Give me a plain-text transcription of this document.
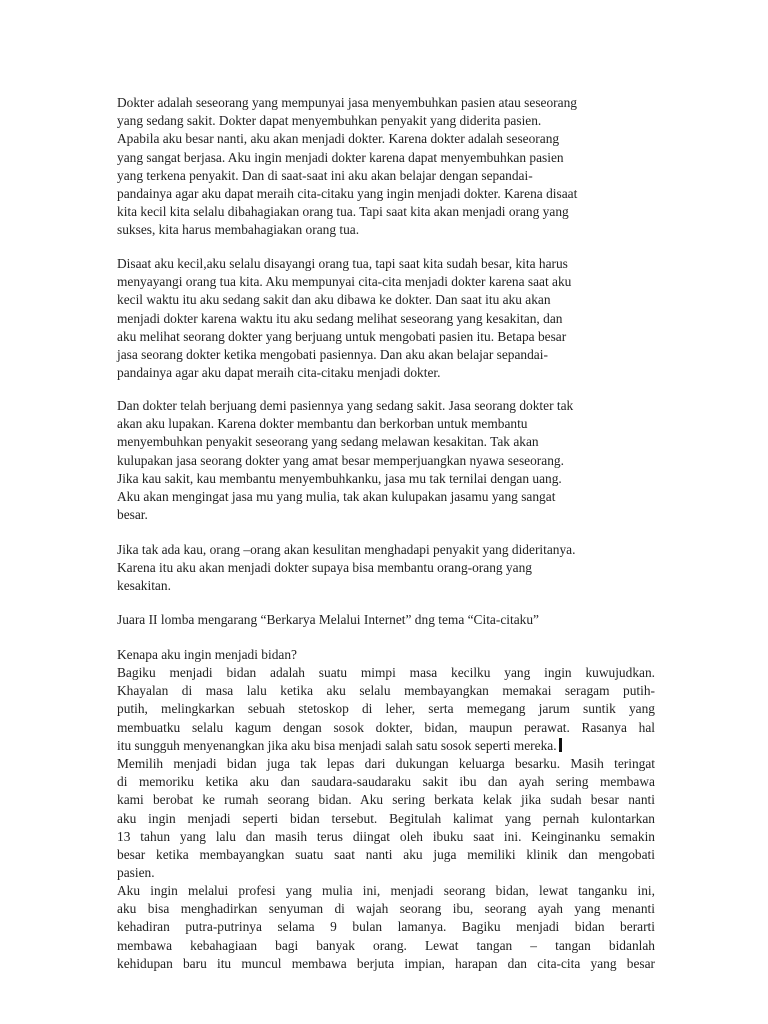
Dokter adalah seseorang yang mempunyai jasa menyembuhkan pasien atau seseorang
yang sedang sakit. Dokter dapat menyembuhkan penyakit yang diderita pasien.
Apabila aku besar nanti, aku akan menjadi dokter. Karena dokter adalah seseorang
yang sangat berjasa. Aku ingin menjadi dokter karena dapat menyembuhkan pasien
yang terkena penyakit. Dan di saat-saat ini aku akan belajar dengan sepandai-
pandainya agar aku dapat meraih cita-citaku yang ingin menjadi dokter. Karena disaat
kita kecil kita selalu dibahagiakan orang tua. Tapi saat kita akan menjadi orang yang
sukses, kita harus membahagiakan orang tua.
Disaat aku kecil,aku selalu disayangi orang tua, tapi saat kita sudah besar, kita harus
menyayangi orang tua kita. Aku mempunyai cita-cita menjadi dokter karena saat aku
kecil waktu itu aku sedang sakit dan aku dibawa ke dokter. Dan saat itu aku akan
menjadi dokter karena waktu itu aku sedang melihat seseorang yang kesakitan, dan
aku melihat seorang dokter yang berjuang untuk mengobati pasien itu. Betapa besar
jasa seorang dokter ketika mengobati pasiennya. Dan aku akan belajar sepandai-
pandainya agar aku dapat meraih cita-citaku menjadi dokter.
Dan dokter telah berjuang demi pasiennya yang sedang sakit. Jasa seorang dokter tak
akan aku lupakan. Karena dokter membantu dan berkorban untuk membantu
menyembuhkan penyakit seseorang yang sedang melawan kesakitan. Tak akan
kulupakan jasa seorang dokter yang amat besar memperjuangkan nyawa seseorang.
Jika kau sakit, kau membantu menyembuhkanku, jasa mu tak ternilai dengan uang.
Aku akan mengingat jasa mu yang mulia, tak akan kulupakan jasamu yang sangat
besar.
Jika tak ada kau, orang –orang akan kesulitan menghadapi penyakit yang dideritanya.
Karena itu aku akan menjadi dokter supaya bisa membantu orang-orang yang
kesakitan.
Juara II lomba mengarang “Berkarya Melalui Internet” dng tema “Cita-citaku”
Kenapa aku ingin menjadi bidan?
Bagiku menjadi bidan adalah suatu mimpi masa kecilku yang ingin kuwujudkan.
Khayalan di masa lalu ketika aku selalu membayangkan memakai seragam putih-
putih, melingkarkan sebuah stetoskop di leher, serta memegang jarum suntik yang
membuatku selalu kagum dengan sosok dokter, bidan, maupun perawat. Rasanya hal
itu sungguh menyenangkan jika aku bisa menjadi salah satu sosok seperti mereka.
Memilih menjadi bidan juga tak lepas dari dukungan keluarga besarku. Masih teringat
di memoriku ketika aku dan saudara-saudaraku sakit ibu dan ayah sering membawa
kami berobat ke rumah seorang bidan. Aku sering berkata kelak jika sudah besar nanti
aku ingin menjadi seperti bidan tersebut. Begitulah kalimat yang pernah kulontarkan
13 tahun yang lalu dan masih terus diingat oleh ibuku saat ini. Keinginanku semakin
besar ketika membayangkan suatu saat nanti aku juga memiliki klinik dan mengobati
pasien.
Aku ingin melalui profesi yang mulia ini, menjadi seorang bidan, lewat tanganku ini,
aku bisa menghadirkan senyuman di wajah seorang ibu, seorang ayah yang menanti
kehadiran putra-putrinya selama 9 bulan lamanya. Bagiku menjadi bidan berarti
membawa kebahagiaan bagi banyak orang. Lewat tangan – tangan bidanlah
kehidupan baru itu muncul membawa berjuta impian, harapan dan cita-cita yang besar
